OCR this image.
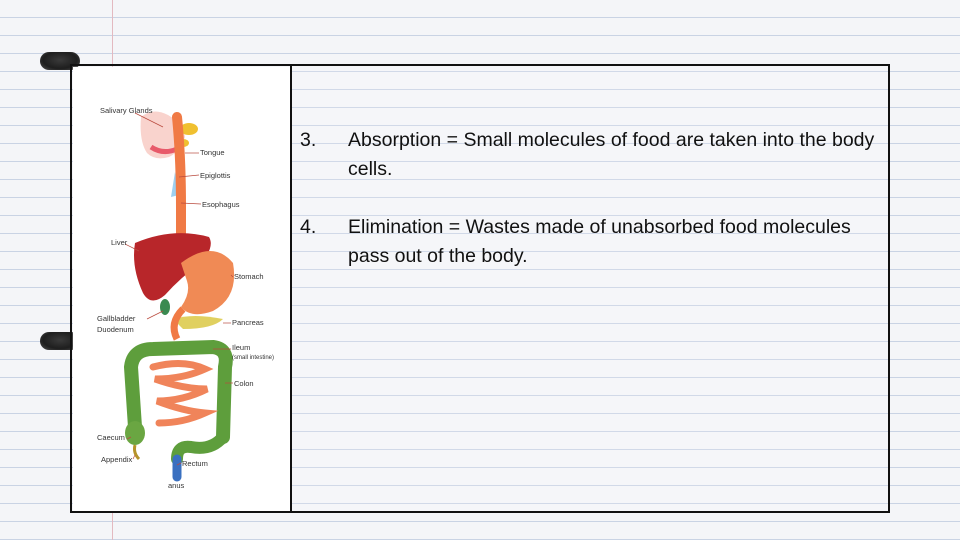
Salivary Glands
Tongue
Epiglottis
Esophagus
Liver
Stomach
Gallbladder
Duodenum
Pancreas
Ileum
(small intestine)
Colon
Caecum
Appendix	Rectum
anus
3.	Absorption = Small molecules of food are taken into the body cells.
4.	Elimination = Wastes made of unabsorbed food molecules pass out of the body.
